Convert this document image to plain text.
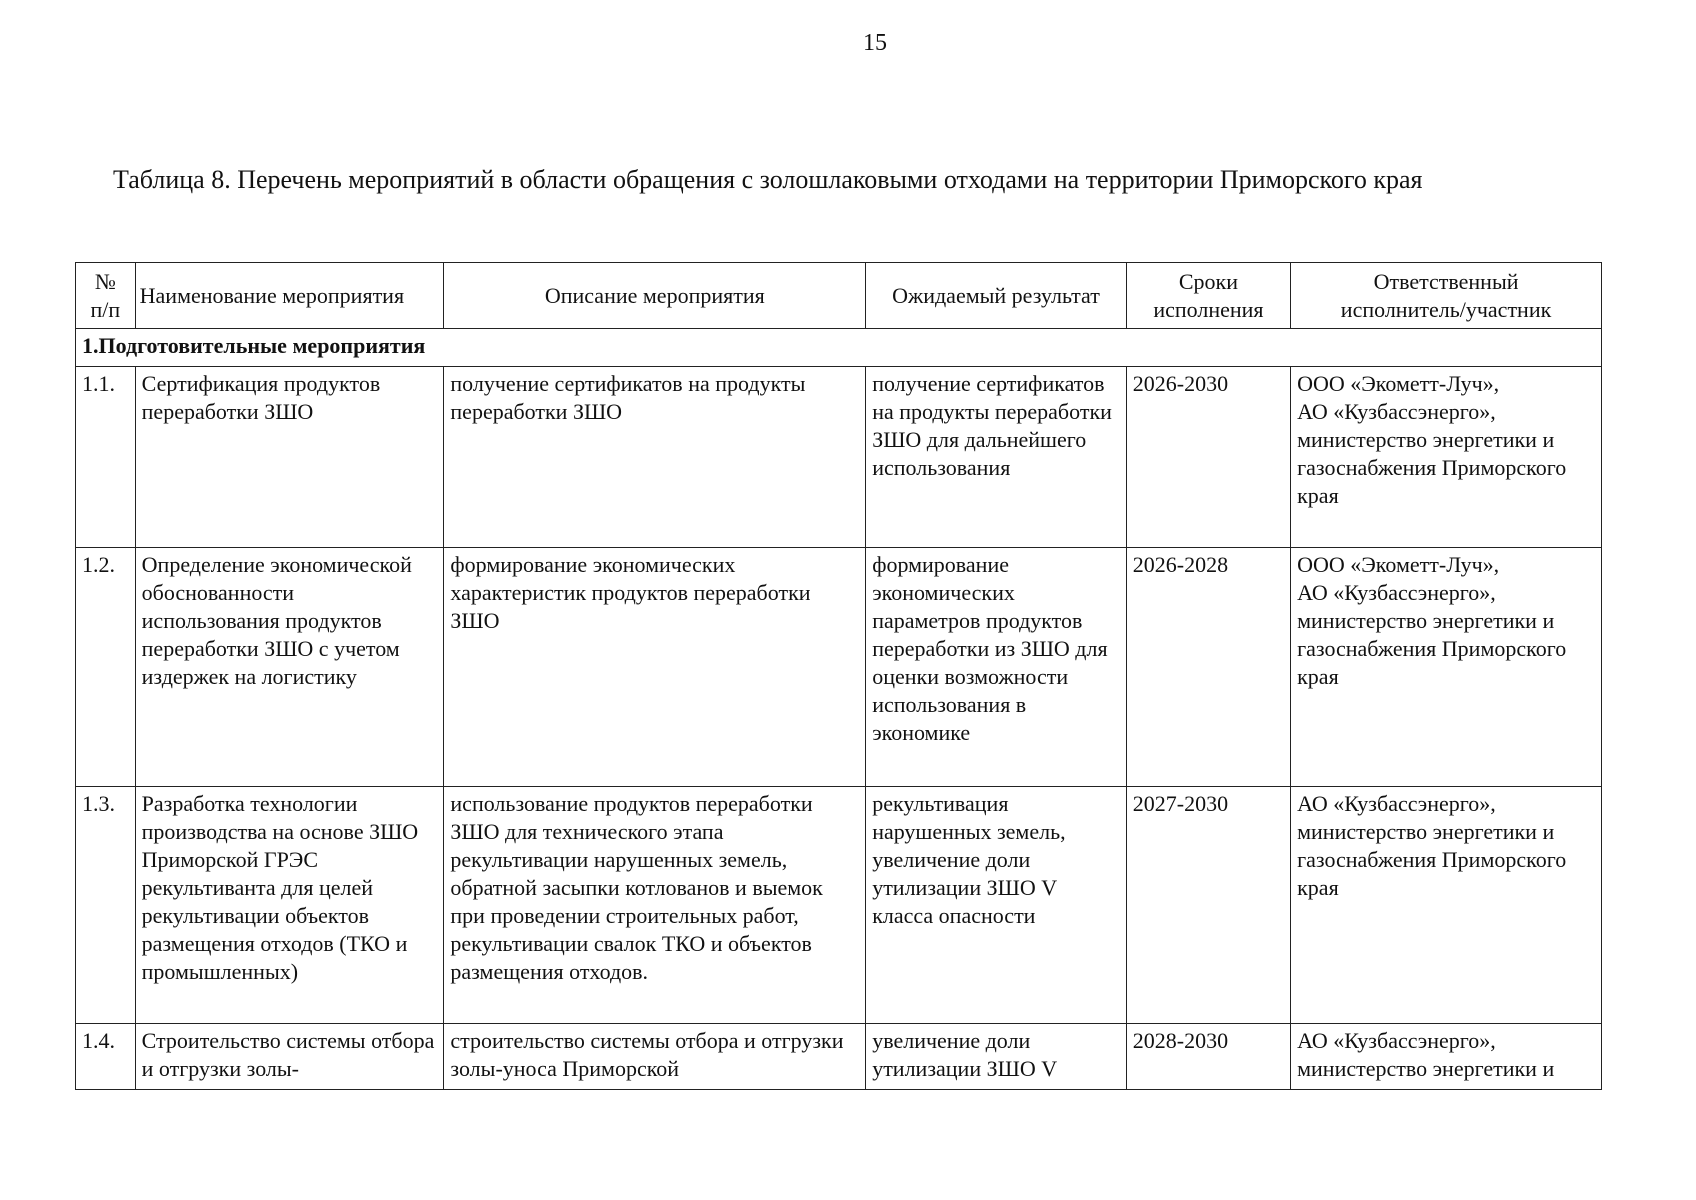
15
Таблица 8. Перечень мероприятий в области обращения с золошлаковыми отходами на территории Приморского края
№
п/п	Наименование мероприятия	Описание мероприятия	Ожидаемый результат	Сроки
исполнения	Ответственный
исполнитель/участник
1.Подготовительные мероприятия					
1.1.	Сертификация продуктов переработки ЗШО	получение сертификатов на продукты переработки ЗШО	получение сертификатов на продукты переработки ЗШО для дальнейшего использования	2026-2030	ООО «Экометт-Луч»,
АО «Кузбассэнерго»,
министерство энергетики и газоснабжения Приморского края
1.2.	Определение экономической обоснованности использования продуктов переработки ЗШО с учетом издержек на логистику	формирование экономических характеристик продуктов переработки ЗШО	формирование экономических параметров продуктов переработки из ЗШО для оценки возможности использования в экономике	2026-2028	ООО «Экометт-Луч»,
АО «Кузбассэнерго»,
министерство энергетики и газоснабжения Приморского края
1.3.	Разработка технологии производства на основе ЗШО Приморской ГРЭС рекультиванта для целей рекультивации объектов размещения отходов (ТКО и промышленных)	использование продуктов переработки ЗШО для технического этапа рекультивации нарушенных земель, обратной засыпки котлованов и выемок при проведении строительных работ, рекультивации свалок ТКО и объектов размещения отходов.	рекультивация нарушенных земель, увеличение доли утилизации ЗШО V класса опасности	2027-2030	АО «Кузбассэнерго»,
министерство энергетики и газоснабжения Приморского края
1.4.	Строительство системы отбора и отгрузки золы-	строительство системы отбора и отгрузки золы-уноса Приморской	увеличение доли утилизации ЗШО V	2028-2030	АО «Кузбассэнерго»,
министерство энергетики и
